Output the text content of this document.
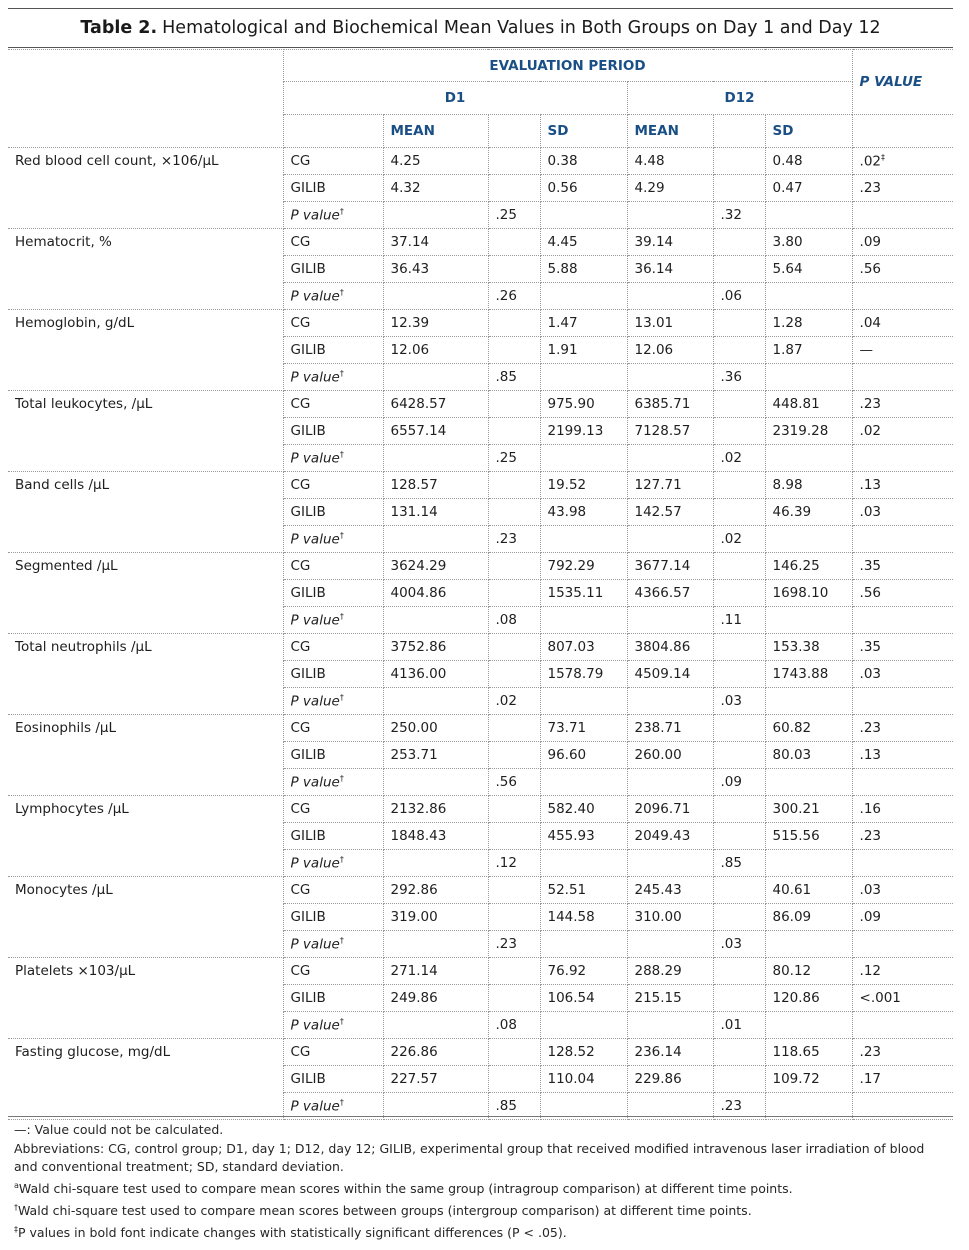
Table 2. Hematological and Biochemical Mean Values in Both Groups on Day 1 and Day 12
	EVALUATION PERIOD							P VALUE
	D1				D12			
		MEAN		SD	MEAN		SD	
Red blood cell count, ×106/µL	CG	4.25		0.38	4.48		0.48	.02‡
	GILIB	4.32		0.56	4.29		0.47	.23
	P value†		.25			.32		
Hematocrit, %	CG	37.14		4.45	39.14		3.80	.09
	GILIB	36.43		5.88	36.14		5.64	.56
	P value†		.26			.06		
Hemoglobin, g/dL	CG	12.39		1.47	13.01		1.28	.04
	GILIB	12.06		1.91	12.06		1.87	—
	P value†		.85			.36		
Total leukocytes, /µL	CG	6428.57		975.90	6385.71		448.81	.23
	GILIB	6557.14		2199.13	7128.57		2319.28	.02
	P value†		.25			.02		
Band cells /µL	CG	128.57		19.52	127.71		8.98	.13
	GILIB	131.14		43.98	142.57		46.39	.03
	P value†		.23			.02		
Segmented /µL	CG	3624.29		792.29	3677.14		146.25	.35
	GILIB	4004.86		1535.11	4366.57		1698.10	.56
	P value†		.08			.11		
Total neutrophils /µL	CG	3752.86		807.03	3804.86		153.38	.35
	GILIB	4136.00		1578.79	4509.14		1743.88	.03
	P value†		.02			.03		
Eosinophils /µL	CG	250.00		73.71	238.71		60.82	.23
	GILIB	253.71		96.60	260.00		80.03	.13
	P value†		.56			.09		
Lymphocytes /µL	CG	2132.86		582.40	2096.71		300.21	.16
	GILIB	1848.43		455.93	2049.43		515.56	.23
	P value†		.12			.85		
Monocytes /µL	CG	292.86		52.51	245.43		40.61	.03
	GILIB	319.00		144.58	310.00		86.09	.09
	P value†		.23			.03		
Platelets ×103/µL	CG	271.14		76.92	288.29		80.12	.12
	GILIB	249.86		106.54	215.15		120.86	<.001
	P value†		.08			.01		
Fasting glucose, mg/dL	CG	226.86		128.52	236.14		118.65	.23
	GILIB	227.57		110.04	229.86		109.72	.17
	P value†		.85			.23		
—: Value could not be calculated.
Abbreviations: CG, control group; D1, day 1; D12, day 12; GILIB, experimental group that received modified intravenous laser irradiation of blood and conventional treatment; SD, standard deviation.
$^a$Wald chi-square test used to compare mean scores within the same group (intragroup comparison) at different time points.
†Wald chi-square test used to compare mean scores between groups (intergroup comparison) at different time points.
‡P values in bold font indicate changes with statistically significant differences (P < .05).
